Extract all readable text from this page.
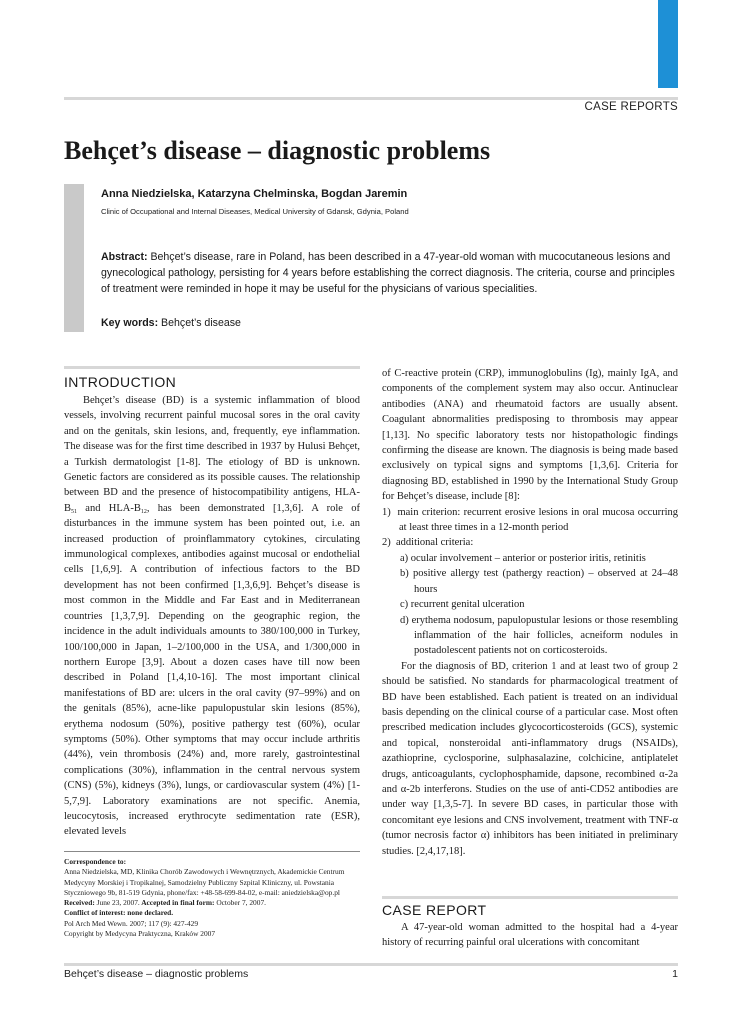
CASE REPORTS
Behçet’s disease – diagnostic problems
Anna Niedzielska, Katarzyna Chelminska, Bogdan Jaremin
Clinic of Occupational and Internal Diseases, Medical University of Gdansk, Gdynia, Poland

Abstract: Behçet’s disease, rare in Poland, has been described in a 47-year-old woman with mucocutaneous lesions and gynecological pathology, persisting for 4 years before establishing the correct diagnosis. The criteria, course and principles of treatment were reminded in hope it may be useful for the physicians of various specialities.

Key words: Behçet’s disease
INTRODUCTION

Behçet’s disease (BD) is a systemic inflammation of blood vessels, involving recurrent painful mucosal sores in the oral cavity and on the genitals, skin lesions, and, frequently, eye inflammation. The disease was for the first time described in 1937 by Hulusi Behçet, a Turkish dermatologist [1-8]. The etiology of BD is unknown. Genetic factors are considered as its possible causes. The relationship between BD and the presence of histocompatibility antigens, HLA-$B_{51}$ and HLA-$B_{12}$, has been demonstrated [1,3,6]. A role of disturbances in the immune system has been pointed out, i.e. an increased production of proinflammatory cytokines, circulating immunological complexes, antibodies against mucosal or endothelial cells [1,6,9]. A contribution of infectious factors to the BD development has not been confirmed [1,3,6,9]. Behçet’s disease is most common in the Middle and Far East and in Mediterranean countries [1,3,7,9]. Depending on the geographic region, the incidence in the adult individuals amounts to 380/100,000 in Turkey, 100/100,000 in Japan, 1–2/100,000 in the USA, and 1/300,000 in northern Europe [3,9]. About a dozen cases have till now been described in Poland [1,4,10-16]. The most important clinical manifestations of BD are: ulcers in the oral cavity (97–99%) and on the genitals (85%), acne-like papulopustular skin lesions (85%), erythema nodosum (50%), positive pathergy test (60%), ocular symptoms (50%). Other symptoms that may occur include arthritis (44%), vein thrombosis (24%) and, more rarely, gastrointestinal complications (30%), inflammation in the central nervous system (CNS) (5%), kidneys (3%), lungs, or cardiovascular system (4%) [1-5,7,9]. Laboratory examinations are not specific. Anemia, leucocytosis, increased erythrocyte sedimentation rate (ESR), elevated levels

of C-reactive protein (CRP), immunoglobulins (Ig), mainly IgA, and components of the complement system may also occur. Antinuclear antibodies (ANA) and rheumatoid factors are usually absent. Coagulant abnormalities predisposing to thrombosis may appear [1,13]. No specific laboratory tests nor histopathologic findings confirming the disease are known. The diagnosis is being made based exclusively on typical signs and symptoms [1,3,6]. Criteria for diagnosing BD, established in 1990 by the International Study Group for Behçet’s disease, include [8]:

1) main criterion: recurrent erosive lesions in oral mucosa occurring at least three times in a 12-month period
2) additional criteria:
a) ocular involvement – anterior or posterior iritis, retinitis
b) positive allergy test (pathergy reaction) – observed at 24–48 hours
c) recurrent genital ulceration
d) erythema nodosum, papulopustular lesions or those resembling inflammation of the hair follicles, acneiform nodules in postadolescent patients not on corticosteroids.

For the diagnosis of BD, criterion 1 and at least two of group 2 should be satisfied. No standards for pharmacological treatment of BD have been established. Each patient is treated on an individual basis depending on the clinical course of a particular case. Most often prescribed medication includes glycocorticosteroids (GCS), systemic and topical, nonsteroidal anti-inflammatory drugs (NSAIDs), azathioprine, cyclosporine, sulphasalazine, colchicine, antiplatelet drugs, anticoagulants, cyclophosphamide, dapsone, recombined α-2a and α-2b interferons. Studies on the use of anti-CD52 antibodies are under way [1,3,5-7]. In severe BD cases, in particular those with concomitant eye lesions and CNS involvement, treatment with TNF-α (tumor necrosis factor α) inhibitors has been initiated in preliminary studies. [2,4,17,18].

Correspondence to:
Anna Niedzielska, MD, Klinika Chorób Zawodowych i Wewnętrznych, Akademickie Centrum Medycyny Morskiej i Tropikalnej, Samodzielny Publiczny Szpital Kliniczny, ul. Powstania Styczniowego 9b, 81-519 Gdynia, phone/fax: +48-58-699-84-02, e-mail: aniedzielska@op.pl
Received: June 23, 2007. Accepted in final form: October 7, 2007.
Conflict of interest: none declared.
Pol Arch Med Wewn. 2007; 117 (9): 427-429
Copyright by Medycyna Praktyczna, Kraków 2007
CASE REPORT

A 47-year-old woman admitted to the hospital had a 4-year history of recurring painful oral ulcerations with concomitant

Behçet’s disease – diagnostic problems	1
